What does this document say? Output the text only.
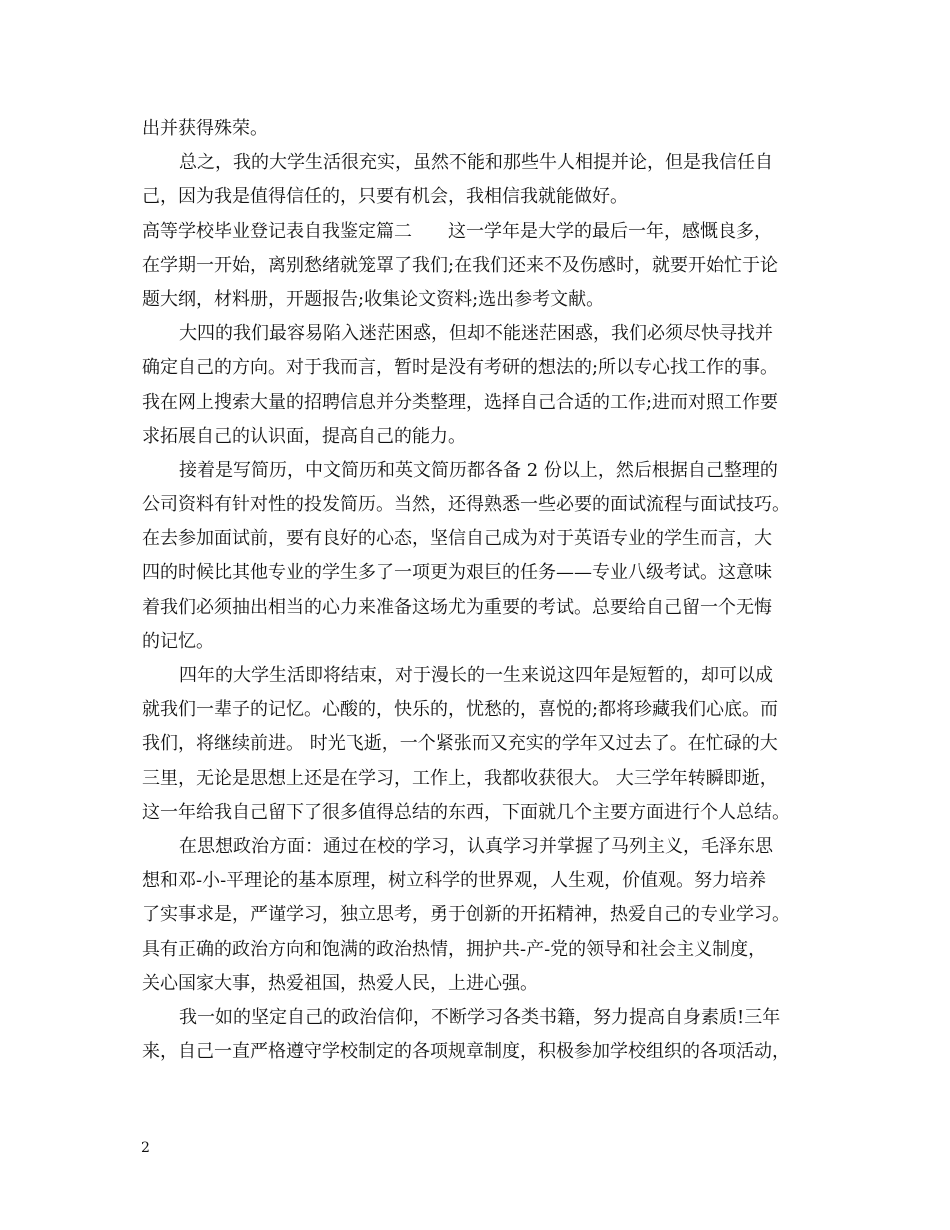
出并获得殊荣。
总之，我的大学生活很充实，虽然不能和那些牛人相提并论，但是我信任自
己，因为我是值得信任的，只要有机会，我相信我就能做好。
高等学校毕业登记表自我鉴定篇二　　这一学年是大学的最后一年，感慨良多，
在学期一开始，离别愁绪就笼罩了我们;在我们还来不及伤感时，就要开始忙于论
题大纲，材料册，开题报告;收集论文资料;选出参考文献。
大四的我们最容易陷入迷茫困惑，但却不能迷茫困惑，我们必须尽快寻找并
确定自己的方向。对于我而言，暂时是没有考研的想法的;所以专心找工作的事。
我在网上搜索大量的招聘信息并分类整理，选择自己合适的工作;进而对照工作要
求拓展自己的认识面，提高自己的能力。
接着是写简历，中文简历和英文简历都各备 2 份以上，然后根据自己整理的
公司资料有针对性的投发简历。当然，还得熟悉一些必要的面试流程与面试技巧。
在去参加面试前，要有良好的心态，坚信自己成为对于英语专业的学生而言，大
四的时候比其他专业的学生多了一项更为艰巨的任务——专业八级考试。这意味
着我们必须抽出相当的心力来准备这场尤为重要的考试。总要给自己留一个无悔
的记忆。
四年的大学生活即将结束，对于漫长的一生来说这四年是短暂的，却可以成
就我们一辈子的记忆。心酸的，快乐的，忧愁的，喜悦的;都将珍藏我们心底。而
我们，将继续前进。 时光飞逝，一个紧张而又充实的学年又过去了。在忙碌的大
三里，无论是思想上还是在学习，工作上，我都收获很大。 大三学年转瞬即逝，
这一年给我自己留下了很多值得总结的东西，下面就几个主要方面进行个人总结。
在思想政治方面：通过在校的学习，认真学习并掌握了马列主义，毛泽东思
想和邓-小-平理论的基本原理，树立科学的世界观，人生观，价值观。努力培养
了实事求是，严谨学习，独立思考，勇于创新的开拓精神，热爱自己的专业学习。
具有正确的政治方向和饱满的政治热情，拥护共-产-党的领导和社会主义制度，
关心国家大事，热爱祖国，热爱人民，上进心强。
我一如的坚定自己的政治信仰，不断学习各类书籍，努力提高自身素质!三年
来，自己一直严格遵守学校制定的各项规章制度，积极参加学校组织的各项活动，
2
